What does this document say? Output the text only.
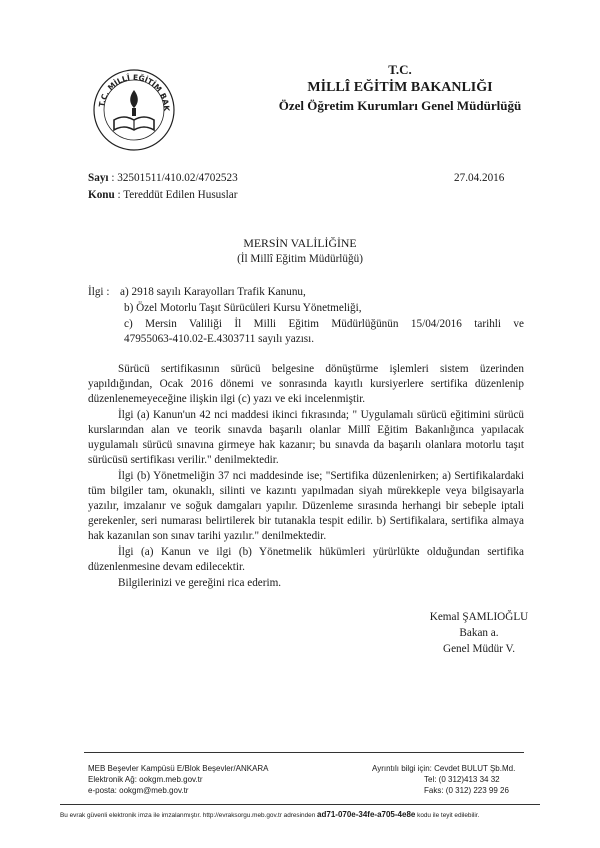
T.C. MİLLÎ EĞİTİM BAK
T.C.
MİLLÎ EĞİTİM BAKANLIĞI
Özel Öğretim Kurumları Genel Müdürlüğü
Sayı : 32501511/410.02/4702523
Konu : Tereddüt Edilen Hususlar
27.04.2016
MERSİN VALİLİĞİNE
(İl Millî Eğitim Müdürlüğü)
İlgi : a) 2918 sayılı Karayolları Trafik Kanunu,
b) Özel Motorlu Taşıt Sürücüleri Kursu Yönetmeliği,
c) Mersin Valiliği İl Milli Eğitim Müdürlüğünün 15/04/2016 tarihli ve
47955063-410.02-E.4303711 sayılı yazısı.
Sürücü sertifikasının sürücü belgesine dönüştürme işlemleri sistem üzerinden yapıldığından, Ocak 2016 dönemi ve sonrasında kayıtlı kursiyerlere sertifika düzenlenip düzenlenemeyeceğine ilişkin ilgi (c) yazı ve eki incelenmiştir.
İlgi (a) Kanun'un 42 nci maddesi ikinci fıkrasında; " Uygulamalı sürücü eğitimini sürücü kurslarından alan ve teorik sınavda başarılı olanlar Millî Eğitim Bakanlığınca yapılacak uygulamalı sürücü sınavına girmeye hak kazanır; bu sınavda da başarılı olanlara motorlu taşıt sürücüsü sertifikası verilir." denilmektedir.
İlgi (b) Yönetmeliğin 37 nci maddesinde ise; "Sertifika düzenlenirken; a) Sertifikalardaki tüm bilgiler tam, okunaklı, silinti ve kazıntı yapılmadan siyah mürekkeple veya bilgisayarla yazılır, imzalanır ve soğuk damgaları yapılır. Düzenleme sırasında herhangi bir sebeple iptali gerekenler, seri numarası belirtilerek bir tutanakla tespit edilir. b) Sertifikalara, sertifika almaya hak kazanılan son sınav tarihi yazılır." denilmektedir.
İlgi (a) Kanun ve ilgi (b) Yönetmelik hükümleri yürürlükte olduğundan sertifika düzenlenmesine devam edilecektir.
Bilgilerinizi ve gereğini rica ederim.
Kemal ŞAMLIOĞLU
Bakan a.
Genel Müdür V.
MEB Beşevler Kampüsü E/Blok Beşevler/ANKARA
Elektronik Ağ: ookgm.meb.gov.tr
e-posta: ookgm@meb.gov.tr
Ayrıntılı bilgi için: Cevdet BULUT Şb.Md.
Tel: (0 312)413 34 32
Faks: (0 312) 223 99 26
Bu evrak güvenli elektronik imza ile imzalanmıştır. http://evraksorgu.meb.gov.tr adresinden ad71-070e-34fe-a705-4e8e kodu ile teyit edilebilir.
